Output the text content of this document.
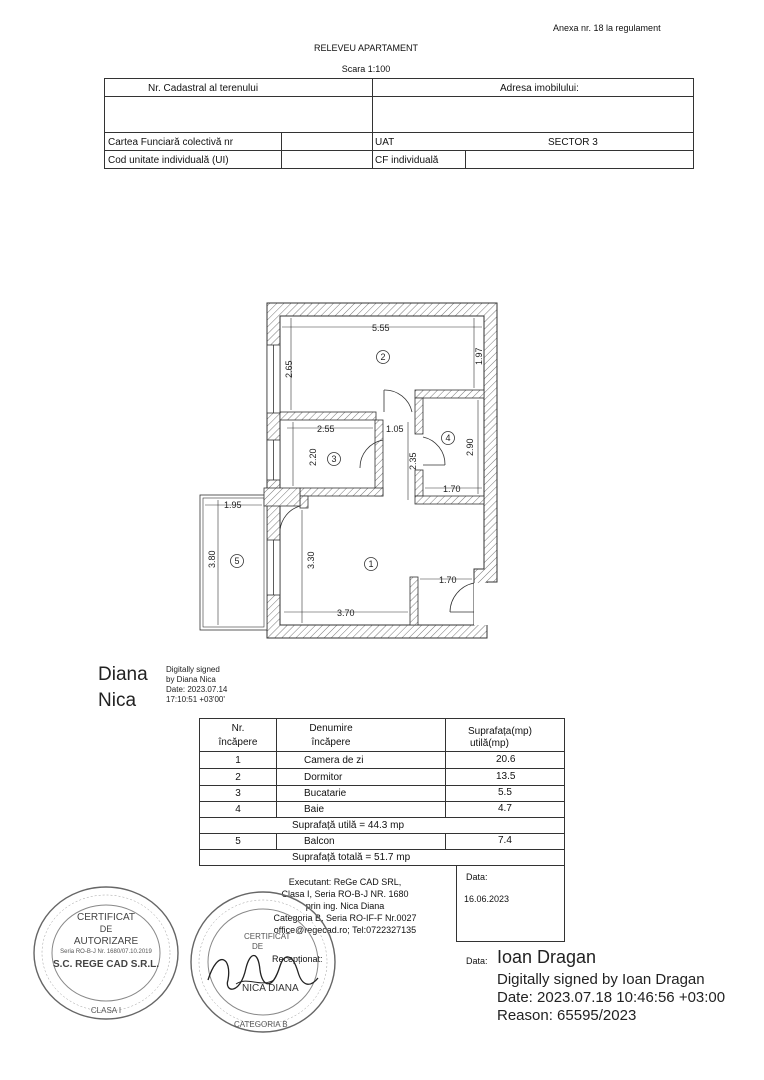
Anexa nr. 18 la regulament
RELEVEU APARTAMENT
Scara 1:100
Nr. Cadastral al terenului	Adresa imobilului:
Cartea Funciară colectivă nr	UAT	SECTOR 3
Cod unitate individuală (UI)	CF individuală
5.55
2.65
1.97
2.55
2.20
1.05
2.35
2.90
1.70
1.95
3.80	3.30
3.70
1.70
2
3
4
1
5
Diana
Nica
Digitally signed
by Diana Nica
Date: 2023.07.14
17:10:51 +03'00'
Nr.
încăpere
Denumire
încăpere
Suprafața(mp)
utilă(mp)
1	Camera de zi	20.6
2	Dormitor	13.5
3	Bucatarie	5.5
4	Baie	4.7
Suprafață utilă = 44.3 mp
5	Balcon	7.4
Suprafață totală = 51.7 mp
Executant: ReGe CAD SRL,
Clasa I, Seria RO-B-J NR. 1680
prin ing. Nica Diana
Categoria B, Seria RO-IF-F Nr.0027
office@regecad.ro; Tel:0722327135
Recepționat:
Data:
16.06.2023
CERTIFICAT
DE
AUTORIZARE
Seria RO-B-J Nr. 1680/07.10.2019
S.C. REGE CAD S.R.L.
CLASA I
CERTIFICAT
DE
NICA DIANA
CATEGORIA B
Data: Ioan Dragan
Digitally signed by Ioan Dragan
Date: 2023.07.18 10:46:56 +03:00
Reason: 65595/2023
